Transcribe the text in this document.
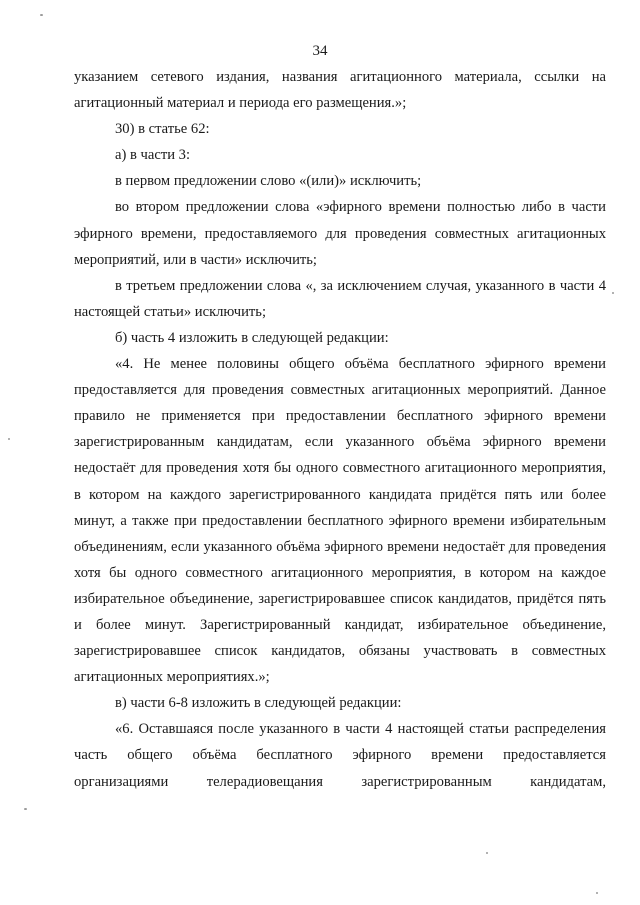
34

указанием сетевого издания, названия агитационного материала, ссылки на агитационный материал и периода его размещения.»;

30) в статье 62:

а) в части 3:

в первом предложении слово «(или)» исключить;

во втором предложении слова «эфирного времени полностью либо в части эфирного времени, предоставляемого для проведения совместных агитационных мероприятий, или в части» исключить;

в третьем предложении слова «, за исключением случая, указанного в части 4 настоящей статьи» исключить;

б) часть 4 изложить в следующей редакции:

«4. Не менее половины общего объёма бесплатного эфирного времени предоставляется для проведения совместных агитационных мероприятий. Данное правило не применяется при предоставлении бесплатного эфирного времени зарегистрированным кандидатам, если указанного объёма эфирного времени недостаёт для проведения хотя бы одного совместного агитационного мероприятия, в котором на каждого зарегистрированного кандидата придётся пять или более минут, а также при предоставлении бесплатного эфирного времени избирательным объединениям, если указанного объёма эфирного времени недостаёт для проведения хотя бы одного совместного агитационного мероприятия, в котором на каждое избирательное объединение, зарегистрировавшее список кандидатов, придётся пять и более минут. Зарегистрированный кандидат, избирательное объединение, зарегистрировавшее список кандидатов, обязаны участвовать в совместных агитационных мероприятиях.»;

в) части 6-8 изложить в следующей редакции:

«6. Оставшаяся после указанного в части 4 настоящей статьи распределения часть общего объёма бесплатного эфирного времени предоставляется организациями телерадиовещания зарегистрированным кандидатам,
